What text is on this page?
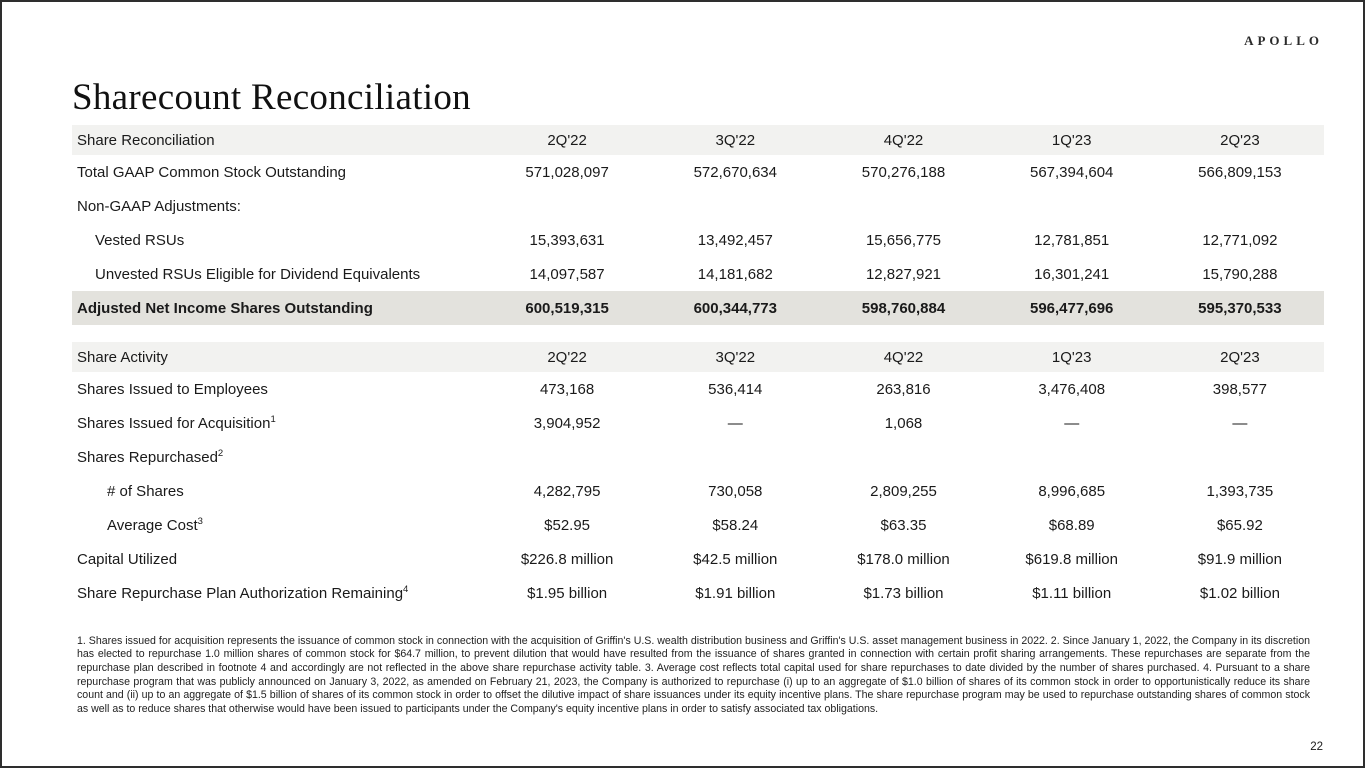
APOLLO
Sharecount Reconciliation
Share Reconciliation	2Q'22	3Q'22	4Q'22	1Q'23	2Q'23
Total GAAP Common Stock Outstanding	571,028,097	572,670,634	570,276,188	567,394,604	566,809,153
Non-GAAP Adjustments:
Vested RSUs	15,393,631	13,492,457	15,656,775	12,781,851	12,771,092
Unvested RSUs Eligible for Dividend Equivalents	14,097,587	14,181,682	12,827,921	16,301,241	15,790,288
Adjusted Net Income Shares Outstanding	600,519,315	600,344,773	598,760,884	596,477,696	595,370,533
Share Activity	2Q'22	3Q'22	4Q'22	1Q'23	2Q'23
Shares Issued to Employees	473,168	536,414	263,816	3,476,408	398,577
Shares Issued for Acquisition$^1$	3,904,952	—	1,068	—	—
Shares Repurchased$^2$
# of Shares	4,282,795	730,058	2,809,255	8,996,685	1,393,735
Average Cost$^3$	$52.95	$58.24	$63.35	$68.89	$65.92
Capital Utilized	$226.8 million	$42.5 million	$178.0 million	$619.8 million	$91.9 million
Share Repurchase Plan Authorization Remaining$^4$	$1.95 billion	$1.91 billion	$1.73 billion	$1.11 billion	$1.02 billion

1. Shares issued for acquisition represents the issuance of common stock in connection with the acquisition of Griffin's U.S. wealth distribution business and Griffin's U.S. asset management business in 2022. 2. Since January 1, 2022, the Company in its discretion has elected to repurchase 1.0 million shares of common stock for $64.7 million, to prevent dilution that would have resulted from the issuance of shares granted in connection with certain profit sharing arrangements. These repurchases are separate from the repurchase plan described in footnote 4 and accordingly are not reflected in the above share repurchase activity table. 3. Average cost reflects total capital used for share repurchases to date divided by the number of shares purchased. 4. Pursuant to a share repurchase program that was publicly announced on January 3, 2022, as amended on February 21, 2023, the Company is authorized to repurchase (i) up to an aggregate of $1.0 billion of shares of its common stock in order to opportunistically reduce its share count and (ii) up to an aggregate of $1.5 billion of shares of its common stock in order to offset the dilutive impact of share issuances under its equity incentive plans. The share repurchase program may be used to repurchase outstanding shares of common stock as well as to reduce shares that otherwise would have been issued to participants under the Company's equity incentive plans in order to satisfy associated tax obligations.

22
